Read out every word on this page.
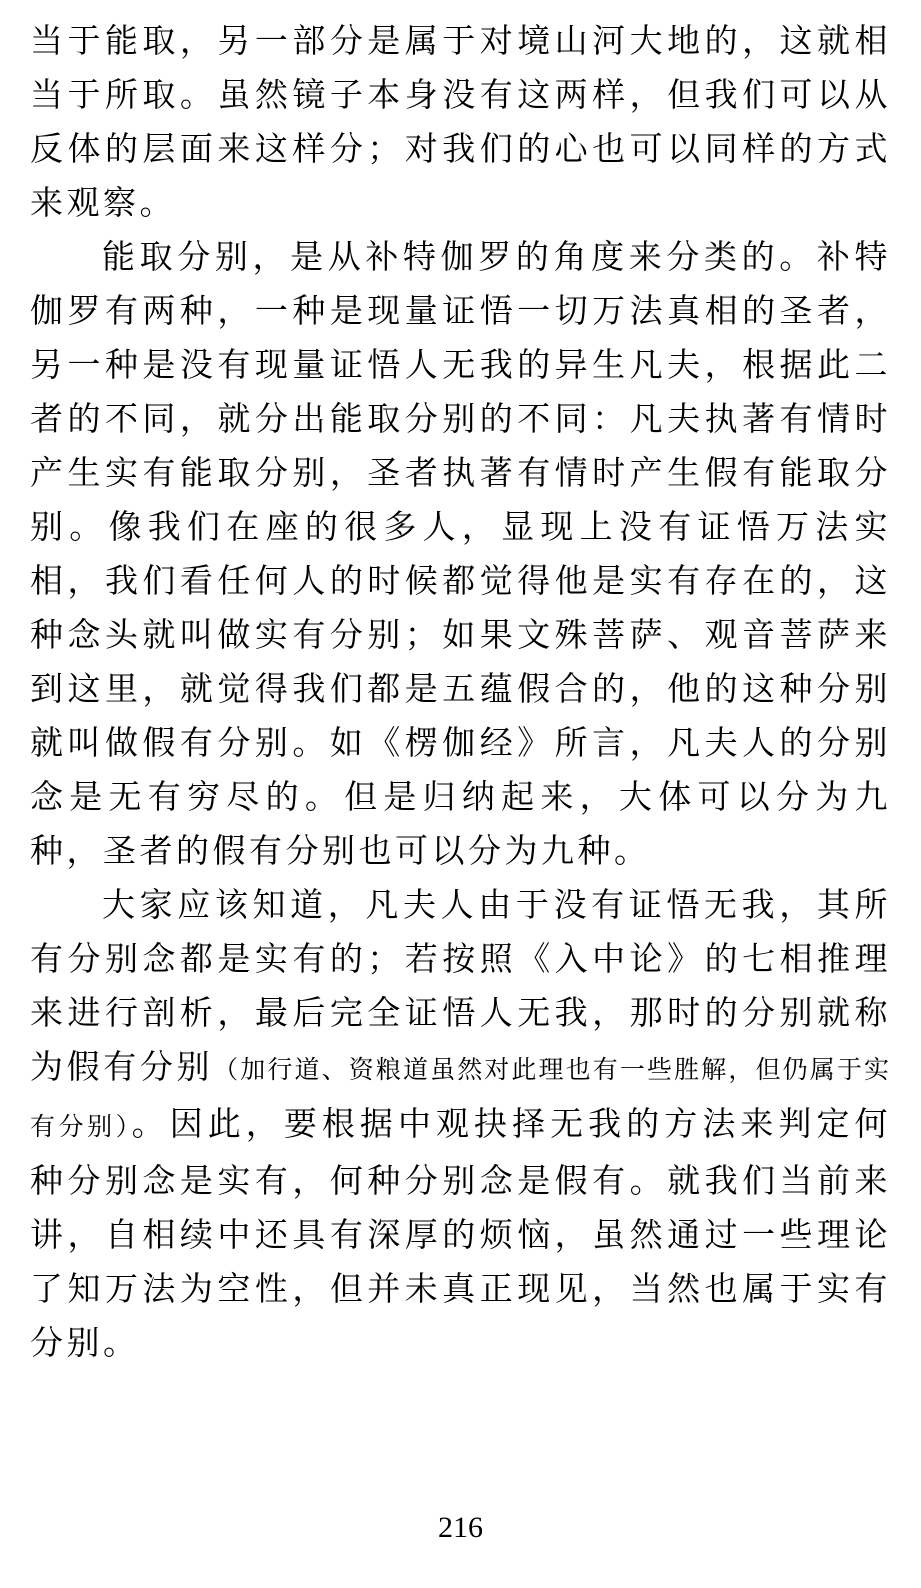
当于能取，另一部分是属于对境山河大地的，这就相当于所取。虽然镜子本身没有这两样，但我们可以从反体的层面来这样分；对我们的心也可以同样的方式来观察。

能取分别，是从补特伽罗的角度来分类的。补特伽罗有两种，一种是现量证悟一切万法真相的圣者，另一种是没有现量证悟人无我的异生凡夫，根据此二者的不同，就分出能取分别的不同：凡夫执著有情时产生实有能取分别，圣者执著有情时产生假有能取分别。像我们在座的很多人，显现上没有证悟万法实相，我们看任何人的时候都觉得他是实有存在的，这种念头就叫做实有分别；如果文殊菩萨、观音菩萨来到这里，就觉得我们都是五蕴假合的，他的这种分别就叫做假有分别。如《楞伽经》所言，凡夫人的分别念是无有穷尽的。但是归纳起来，大体可以分为九种，圣者的假有分别也可以分为九种。

大家应该知道，凡夫人由于没有证悟无我，其所有分别念都是实有的；若按照《入中论》的七相推理来进行剖析，最后完全证悟人无我，那时的分别就称为假有分别（加行道、资粮道虽然对此理也有一些胜解，但仍属于实有分别）。因此，要根据中观抉择无我的方法来判定何种分别念是实有，何种分别念是假有。就我们当前来讲，自相续中还具有深厚的烦恼，虽然通过一些理论了知万法为空性，但并未真正现见，当然也属于实有分别。

216
